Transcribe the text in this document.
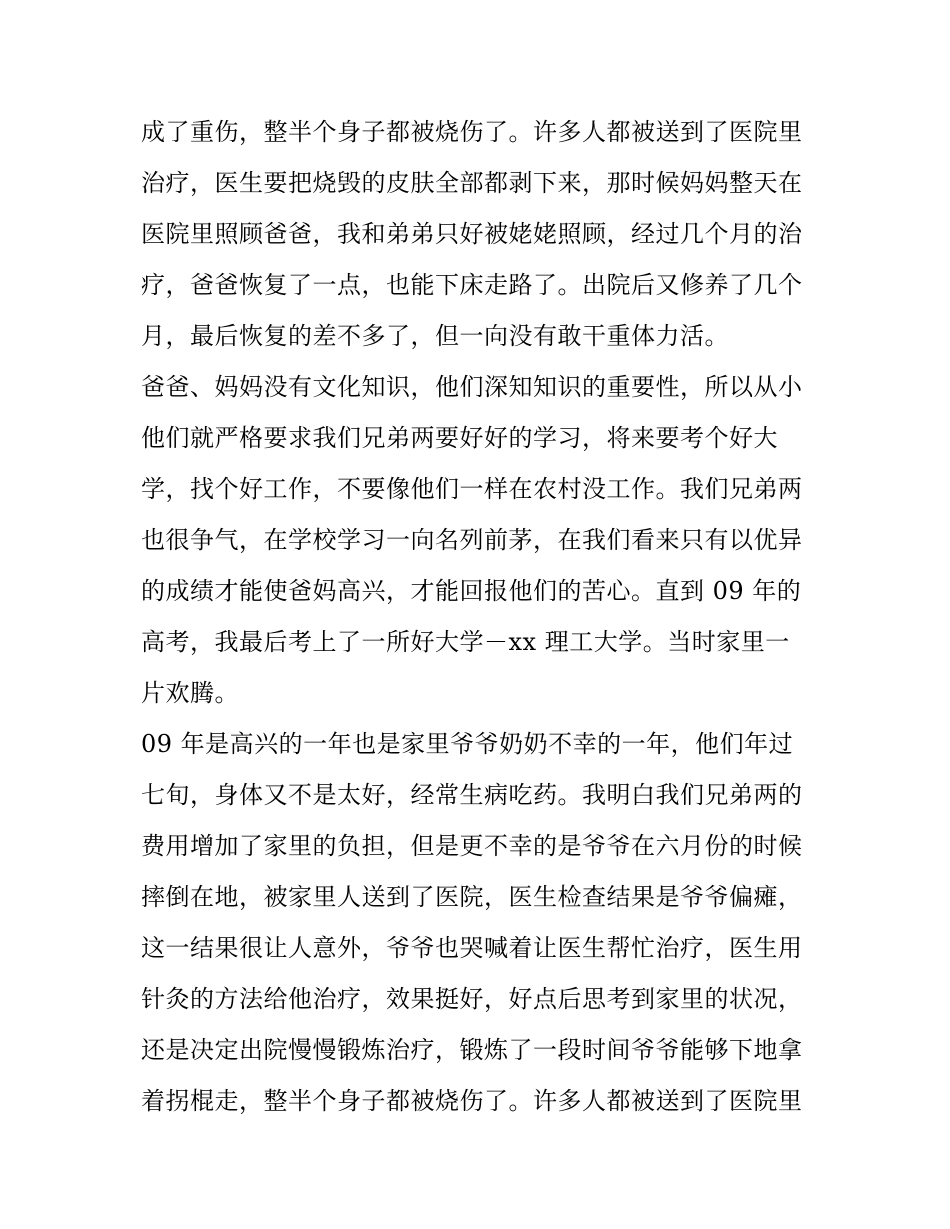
成了重伤，整半个身子都被烧伤了。许多人都被送到了医院里
治疗，医生要把烧毁的皮肤全部都剥下来，那时候妈妈整天在
医院里照顾爸爸，我和弟弟只好被姥姥照顾，经过几个月的治
疗，爸爸恢复了一点，也能下床走路了。出院后又修养了几个
月，最后恢复的差不多了，但一向没有敢干重体力活。
爸爸、妈妈没有文化知识，他们深知知识的重要性，所以从小
他们就严格要求我们兄弟两要好好的学习，将来要考个好大
学，找个好工作，不要像他们一样在农村没工作。我们兄弟两
也很争气，在学校学习一向名列前茅，在我们看来只有以优异
的成绩才能使爸妈高兴，才能回报他们的苦心。直到 09 年的
高考，我最后考上了一所好大学－xx 理工大学。当时家里一
片欢腾。
09 年是高兴的一年也是家里爷爷奶奶不幸的一年，他们年过
七旬，身体又不是太好，经常生病吃药。我明白我们兄弟两的
费用增加了家里的负担，但是更不幸的是爷爷在六月份的时候
摔倒在地，被家里人送到了医院，医生检查结果是爷爷偏瘫，
这一结果很让人意外，爷爷也哭喊着让医生帮忙治疗，医生用
针灸的方法给他治疗，效果挺好，好点后思考到家里的状况，
还是决定出院慢慢锻炼治疗，锻炼了一段时间爷爷能够下地拿
着拐棍走，整半个身子都被烧伤了。许多人都被送到了医院里
